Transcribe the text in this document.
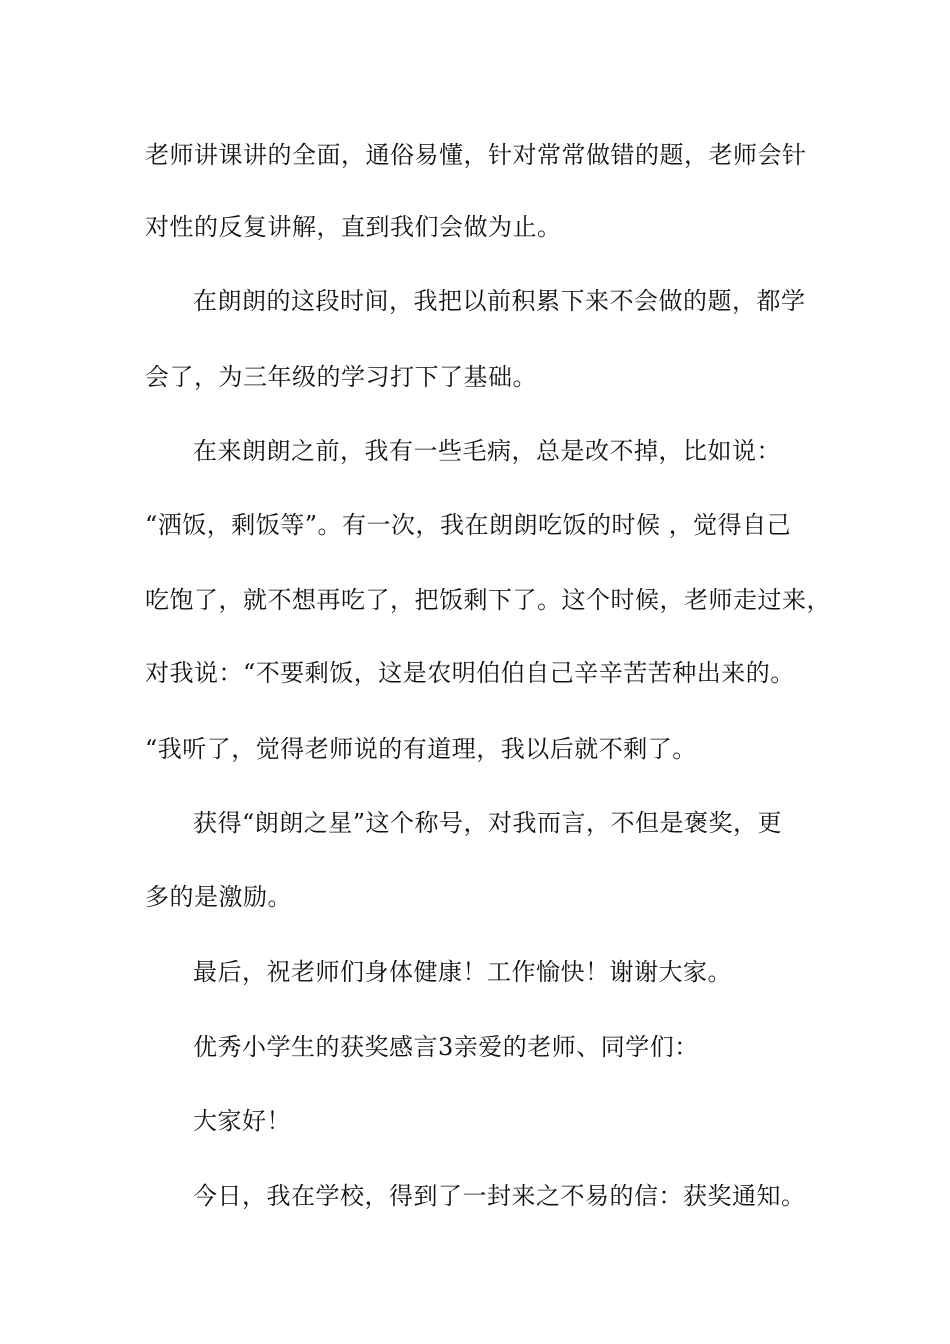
老师讲课讲的全面，通俗易懂，针对常常做错的题，老师会针
对性的反复讲解，直到我们会做为止。
在朗朗的这段时间，我把以前积累下来不会做的题，都学
会了，为三年级的学习打下了基础。
在来朗朗之前，我有一些毛病，总是改不掉，比如说：
“洒饭，剩饭等”。有一次，我在朗朗吃饭的时候 ，觉得自己
吃饱了，就不想再吃了，把饭剩下了。这个时候，老师走过来，
对我说：“不要剩饭，这是农明伯伯自己辛辛苦苦种出来的。
“我听了，觉得老师说的有道理，我以后就不剩了。
获得“朗朗之星”这个称号，对我而言，不但是褒奖，更
多的是激励。
最后，祝老师们身体健康！工作愉快！谢谢大家。
优秀小学生的获奖感言3亲爱的老师、同学们：
大家好！
今日，我在学校，得到了一封来之不易的信：获奖通知。
